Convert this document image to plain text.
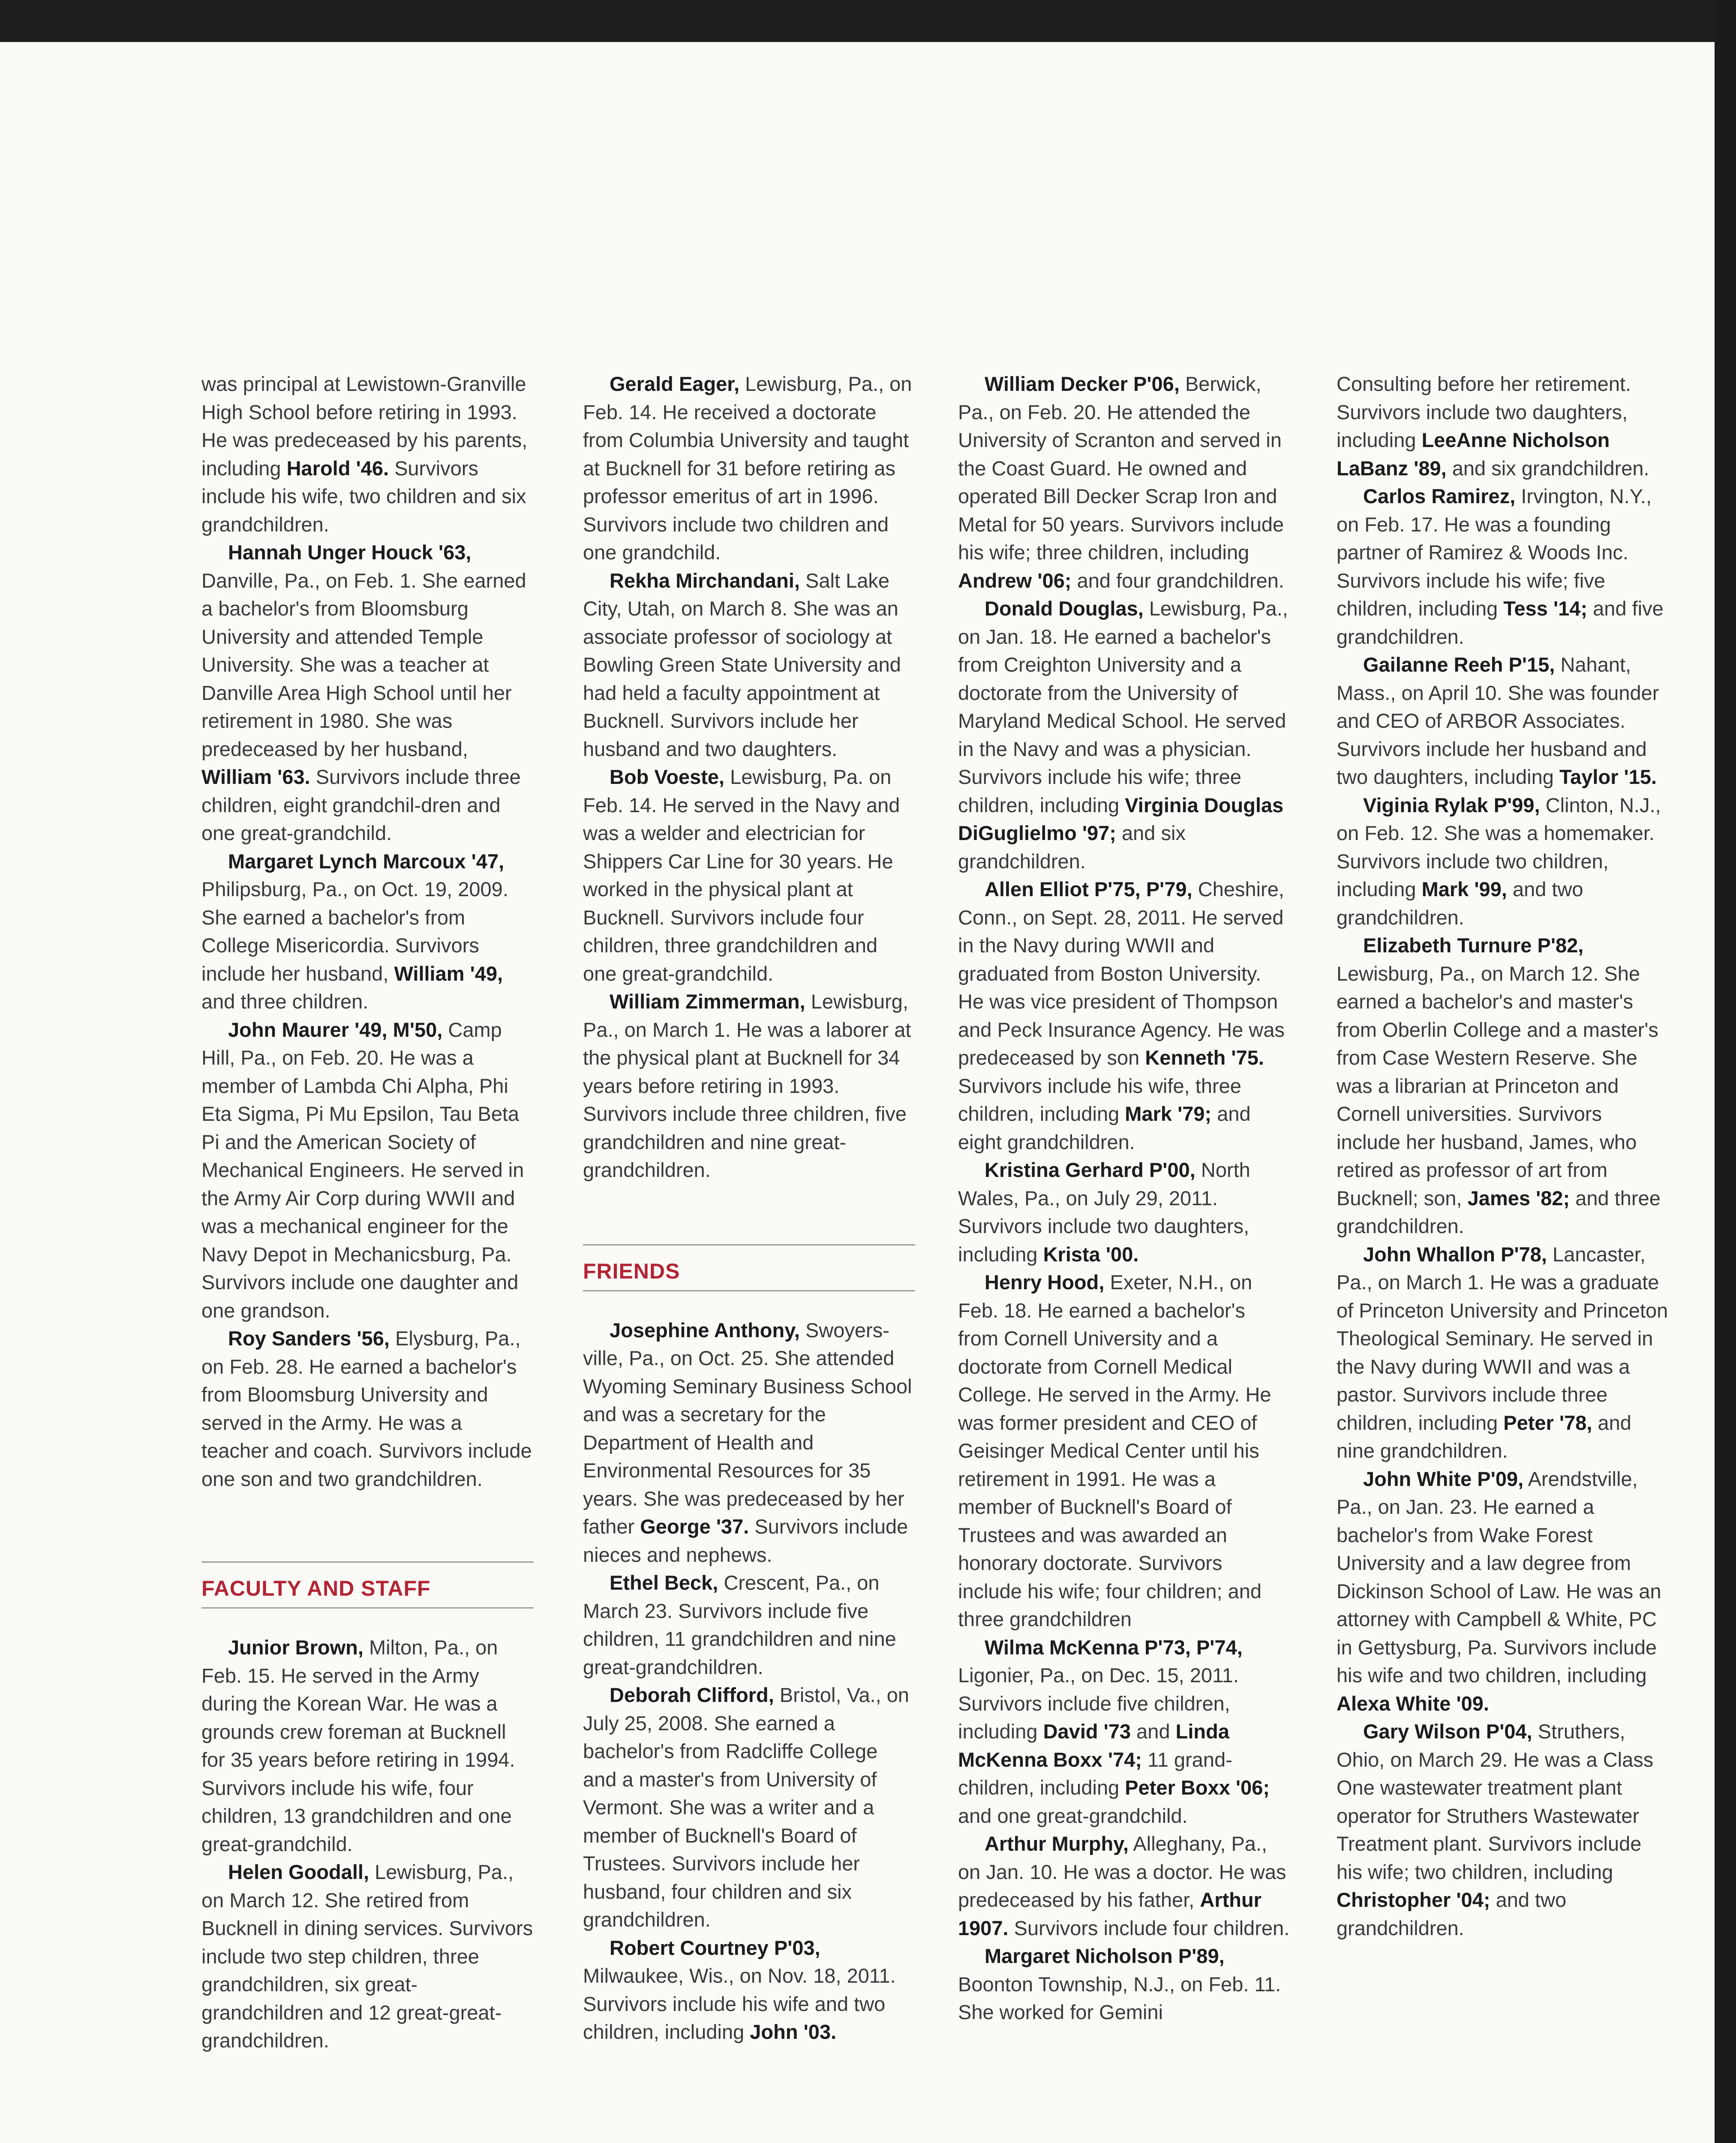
was principal at Lewistown-Granville High School before retiring in 1993. He was predeceased by his parents, including Harold '46. Survivors include his wife, two children and six grandchildren.

Hannah Unger Houck '63, Danville, Pa., on Feb. 1. She earned a bachelor's from Bloomsburg University and attended Temple University. She was a teacher at Danville Area High School until her retirement in 1980. She was predeceased by her husband, William '63. Survivors include three children, eight grandchil-dren and one great-grandchild.

Margaret Lynch Marcoux '47, Philipsburg, Pa., on Oct. 19, 2009. She earned a bachelor's from College Misericordia. Survivors include her husband, William '49, and three children.

John Maurer '49, M'50, Camp Hill, Pa., on Feb. 20. He was a member of Lambda Chi Alpha, Phi Eta Sigma, Pi Mu Epsilon, Tau Beta Pi and the American Society of Mechanical Engineers. He served in the Army Air Corp during WWII and was a mechanical engineer for the Navy Depot in Mechanicsburg, Pa. Survivors include one daughter and one grandson.

Roy Sanders '56, Elysburg, Pa., on Feb. 28. He earned a bachelor's from Bloomsburg University and served in the Army. He was a teacher and coach. Survivors include one son and two grandchildren.

FACULTY AND STAFF

Junior Brown, Milton, Pa., on Feb. 15. He served in the Army during the Korean War. He was a grounds crew foreman at Bucknell for 35 years before retiring in 1994. Survivors include his wife, four children, 13 grandchildren and one great-grandchild.

Helen Goodall, Lewisburg, Pa., on March 12. She retired from Bucknell in dining services. Survivors include two step children, three grandchildren, six great-grandchildren and 12 great-great-grandchildren.

Gerald Eager, Lewisburg, Pa., on Feb. 14. He received a doctorate from Columbia University and taught at Bucknell for 31 before retiring as professor emeritus of art in 1996. Survivors include two children and one grandchild.

Rekha Mirchandani, Salt Lake City, Utah, on March 8. She was an associate professor of sociology at Bowling Green State University and had held a faculty appointment at Bucknell. Survivors include her husband and two daughters.

Bob Voeste, Lewisburg, Pa. on Feb. 14. He served in the Navy and was a welder and electrician for Shippers Car Line for 30 years. He worked in the physical plant at Bucknell. Survivors include four children, three grandchildren and one great-grandchild.

William Zimmerman, Lewisburg, Pa., on March 1. He was a laborer at the physical plant at Bucknell for 34 years before retiring in 1993. Survivors include three children, five grandchildren and nine great-grandchildren.

FRIENDS

Josephine Anthony, Swoyers-ville, Pa., on Oct. 25. She attended Wyoming Seminary Business School and was a secretary for the Department of Health and Environmental Resources for 35 years. She was predeceased by her father George '37. Survivors include nieces and nephews.

Ethel Beck, Crescent, Pa., on March 23. Survivors include five children, 11 grandchildren and nine great-grandchildren.

Deborah Clifford, Bristol, Va., on July 25, 2008. She earned a bachelor's from Radcliffe College and a master's from University of Vermont. She was a writer and a member of Bucknell's Board of Trustees. Survivors include her husband, four children and six grandchildren.

Robert Courtney P'03, Milwaukee, Wis., on Nov. 18, 2011. Survivors include his wife and two children, including John '03.

William Decker P'06, Berwick, Pa., on Feb. 20. He attended the University of Scranton and served in the Coast Guard. He owned and operated Bill Decker Scrap Iron and Metal for 50 years. Survivors include his wife; three children, including Andrew '06; and four grandchildren.

Donald Douglas, Lewisburg, Pa., on Jan. 18. He earned a bachelor's from Creighton University and a doctorate from the University of Maryland Medical School. He served in the Navy and was a physician. Survivors include his wife; three children, including Virginia Douglas DiGuglielmo '97; and six grandchildren.

Allen Elliot P'75, P'79, Cheshire, Conn., on Sept. 28, 2011. He served in the Navy during WWII and graduated from Boston University. He was vice president of Thompson and Peck Insurance Agency. He was predeceased by son Kenneth '75. Survivors include his wife, three children, including Mark '79; and eight grandchildren.

Kristina Gerhard P'00, North Wales, Pa., on July 29, 2011. Survivors include two daughters, including Krista '00.

Henry Hood, Exeter, N.H., on Feb. 18. He earned a bachelor's from Cornell University and a doctorate from Cornell Medical College. He served in the Army. He was former president and CEO of Geisinger Medical Center until his retirement in 1991. He was a member of Bucknell's Board of Trustees and was awarded an honorary doctorate. Survivors include his wife; four children; and three grandchildren

Wilma McKenna P'73, P'74, Ligonier, Pa., on Dec. 15, 2011. Survivors include five children, including David '73 and Linda McKenna Boxx '74; 11 grand-children, including Peter Boxx '06; and one great-grandchild.

Arthur Murphy, Alleghany, Pa., on Jan. 10. He was a doctor. He was predeceased by his father, Arthur 1907. Survivors include four children.

Margaret Nicholson P'89, Boonton Township, N.J., on Feb. 11. She worked for Gemini

Consulting before her retirement. Survivors include two daughters, including LeeAnne Nicholson LaBanz '89, and six grandchildren.

Carlos Ramirez, Irvington, N.Y., on Feb. 17. He was a founding partner of Ramirez & Woods Inc. Survivors include his wife; five children, including Tess '14; and five grandchildren.

Gailanne Reeh P'15, Nahant, Mass., on April 10. She was founder and CEO of ARBOR Associates. Survivors include her husband and two daughters, including Taylor '15.

Viginia Rylak P'99, Clinton, N.J., on Feb. 12. She was a homemaker. Survivors include two children, including Mark '99, and two grandchildren.

Elizabeth Turnure P'82, Lewisburg, Pa., on March 12. She earned a bachelor's and master's from Oberlin College and a master's from Case Western Reserve. She was a librarian at Princeton and Cornell universities. Survivors include her husband, James, who retired as professor of art from Bucknell; son, James '82; and three grandchildren.

John Whallon P'78, Lancaster, Pa., on March 1. He was a graduate of Princeton University and Princeton Theological Seminary. He served in the Navy during WWII and was a pastor. Survivors include three children, including Peter '78, and nine grandchildren.

John White P'09, Arendstville, Pa., on Jan. 23. He earned a bachelor's from Wake Forest University and a law degree from Dickinson School of Law. He was an attorney with Campbell & White, PC in Gettysburg, Pa. Survivors include his wife and two children, including Alexa White '09.

Gary Wilson P'04, Struthers, Ohio, on March 29. He was a Class One wastewater treatment plant operator for Struthers Wastewater Treatment plant. Survivors include his wife; two children, including Christopher '04; and two grandchildren.
